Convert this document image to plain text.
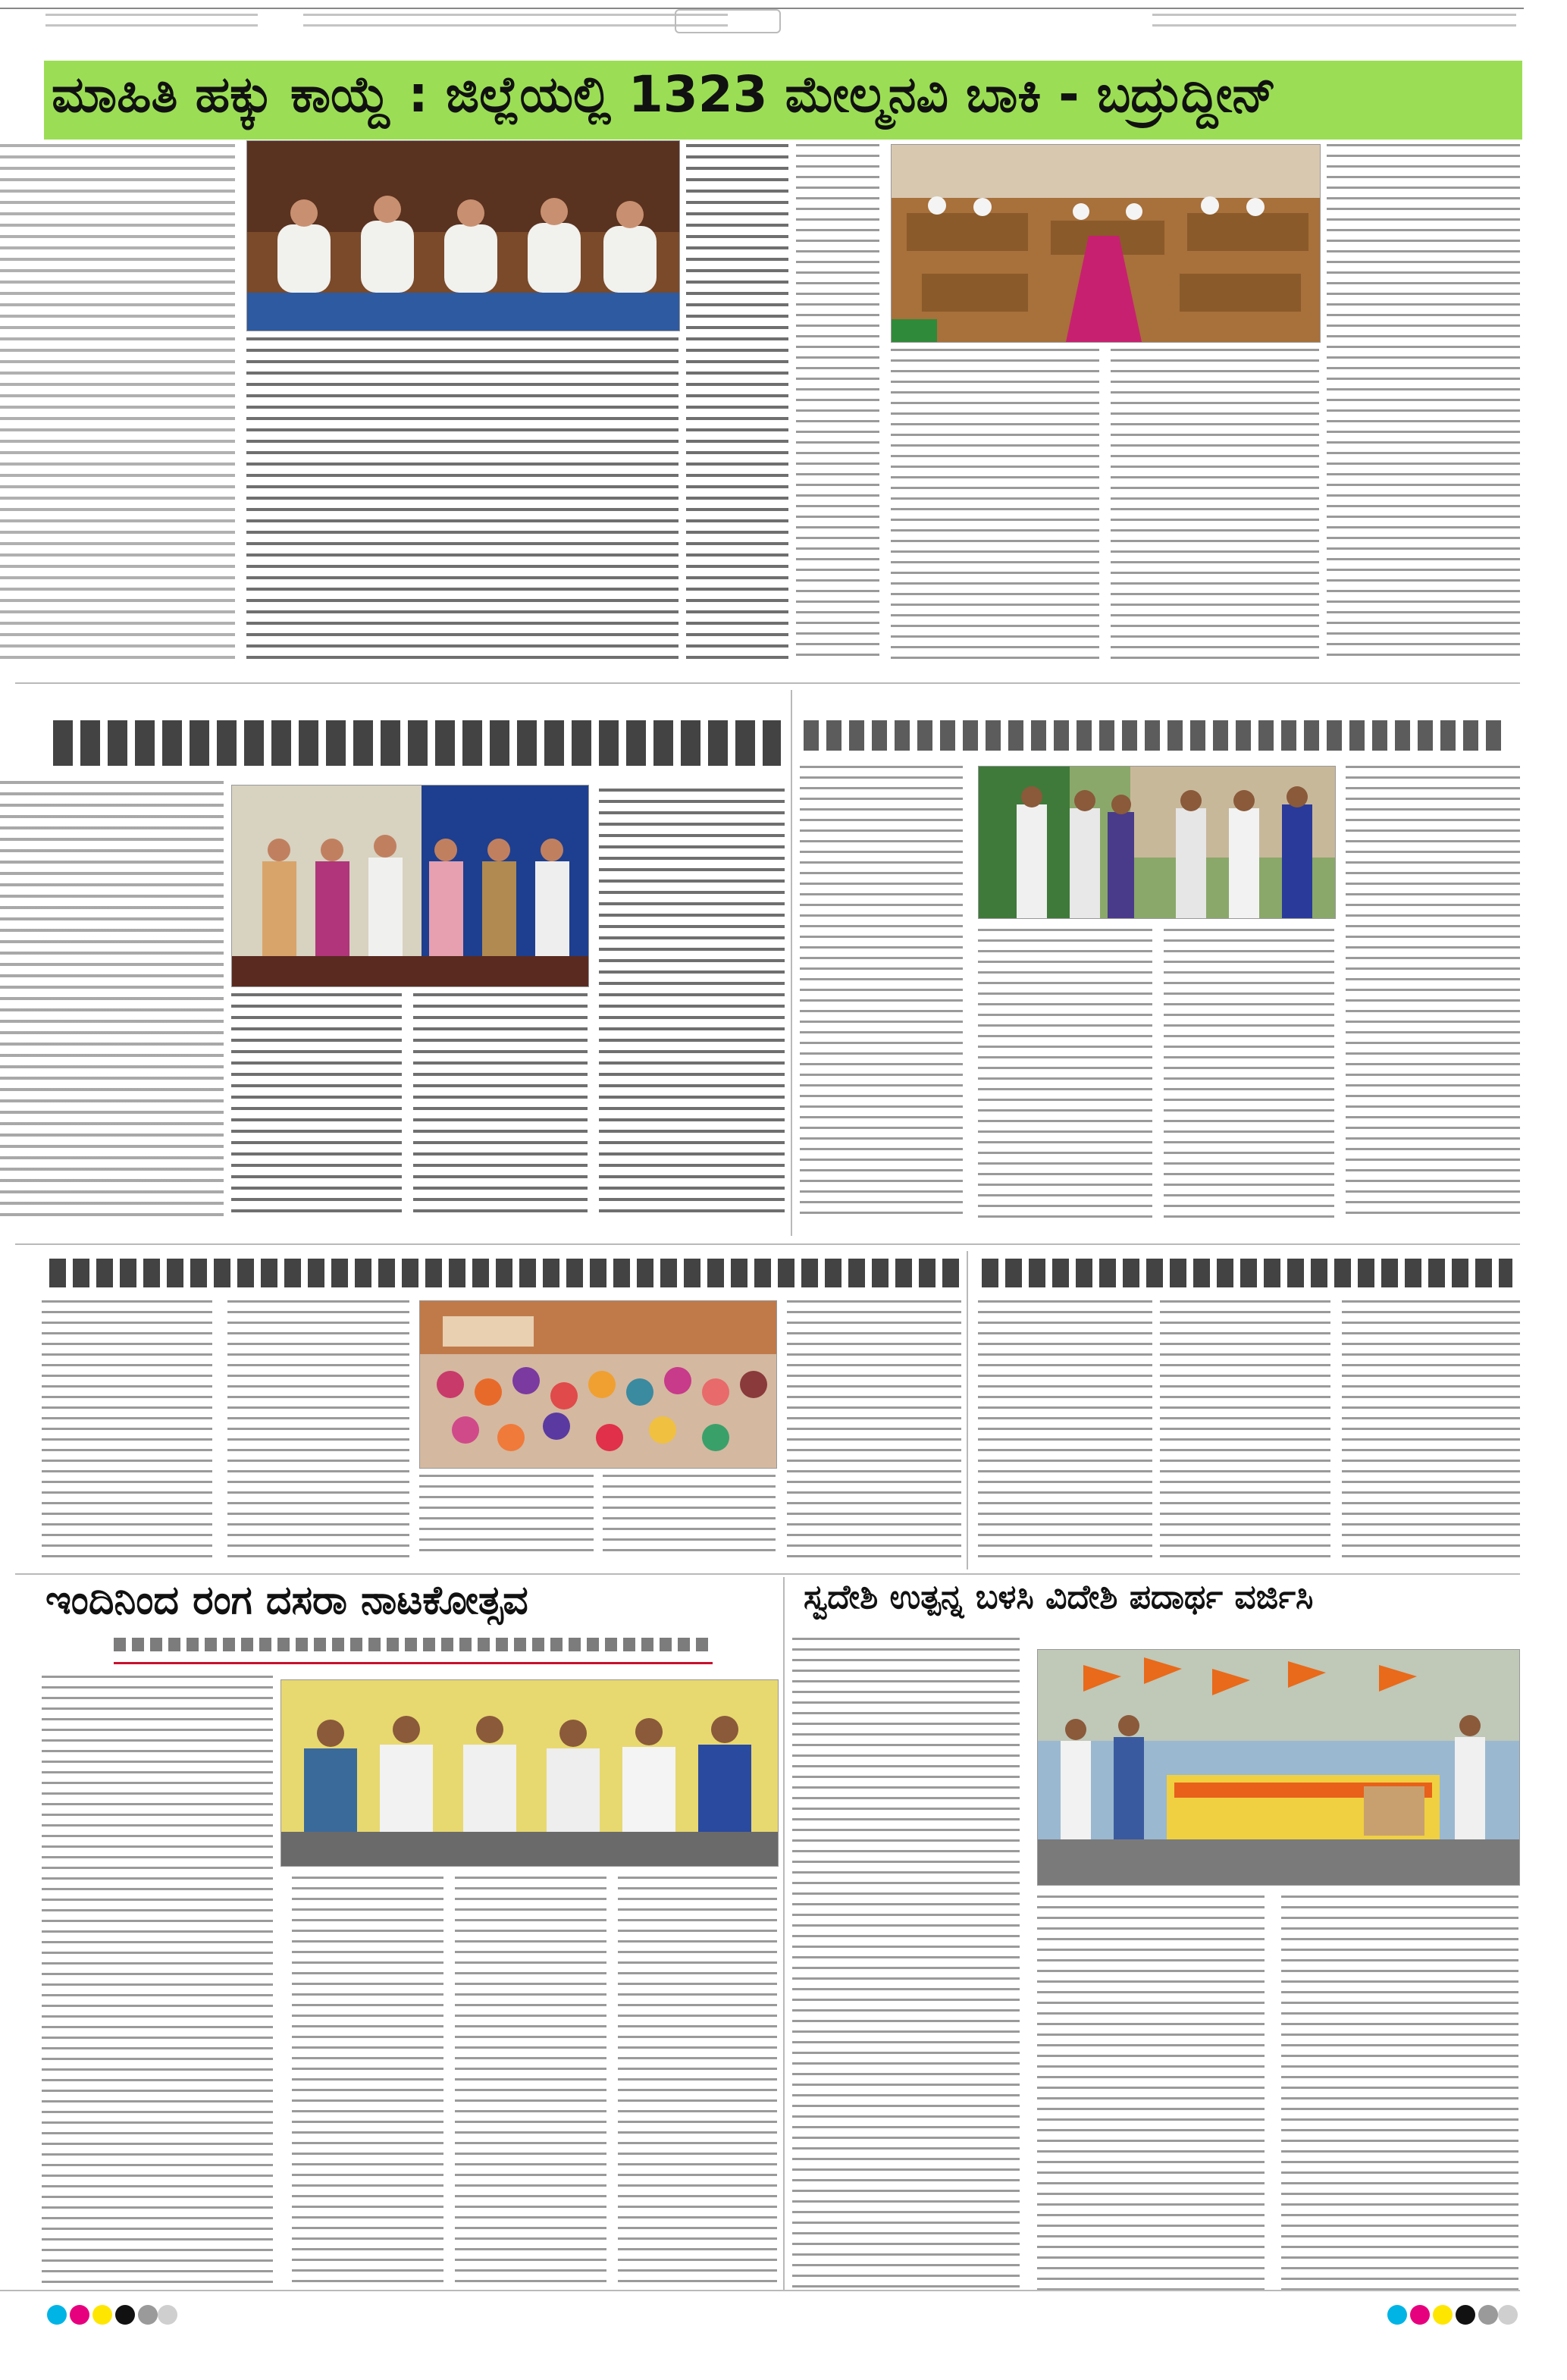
ಮಾಹಿತಿ ಹಕ್ಕು ಕಾಯ್ದೆ : ಜಿಲ್ಲೆಯಲ್ಲಿ 1323 ಮೇಲ್ಮನವಿ ಬಾಕಿ - ಬದ್ರುದ್ದೀನ್
ಇಂದಿನಿಂದ ರಂಗ ದಸರಾ ನಾಟಕೋತ್ಸವ	ಸ್ವದೇಶಿ ಉತ್ಪನ್ನ ಬಳಸಿ ವಿದೇಶಿ ಪದಾರ್ಥ ವರ್ಜಿಸಿ
